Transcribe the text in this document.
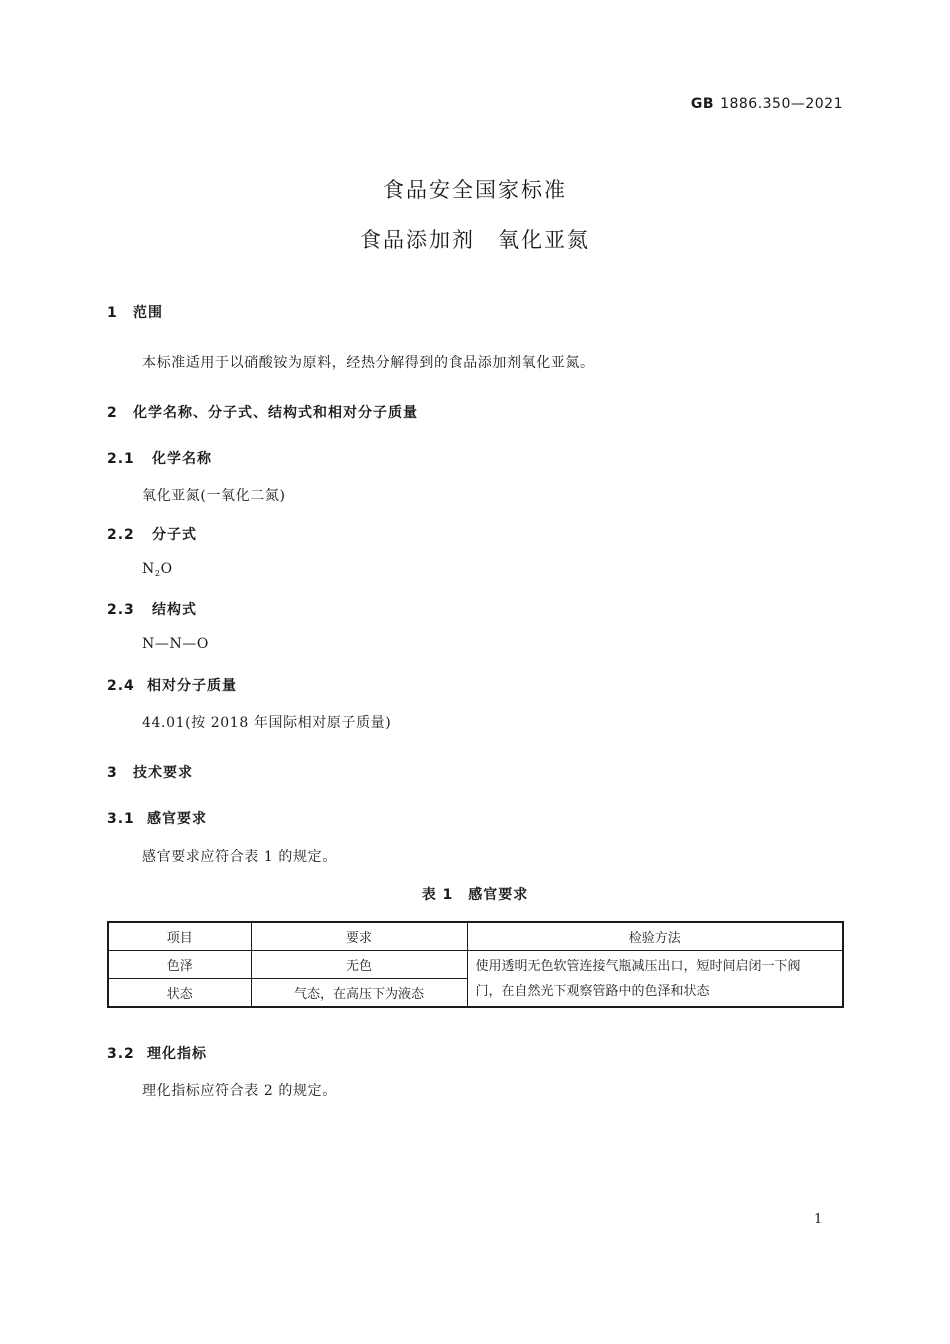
GB 1886.350—2021
食品安全国家标准
食品添加剂　氧化亚氮
1 范围
本标准适用于以硝酸铵为原料，经热分解得到的食品添加剂氧化亚氮。
2 化学名称、分子式、结构式和相对分子质量
2.1 化学名称
氧化亚氮(一氧化二氮)
2.2 分子式
$N_2O$
2.3 结构式
N—N—O
2.4 相对分子质量
44.01(按 2018 年国际相对原子质量)
3 技术要求
3.1 感官要求
感官要求应符合表 1 的规定。
表 1　感官要求
项目	要求	检验方法
色泽	无色	使用透明无色软管连接气瓶减压出口，短时间启闭一下阀
门，在自然光下观察管路中的色泽和状态
状态	气态，在高压下为液态	
3.2 理化指标
理化指标应符合表 2 的规定。
1
